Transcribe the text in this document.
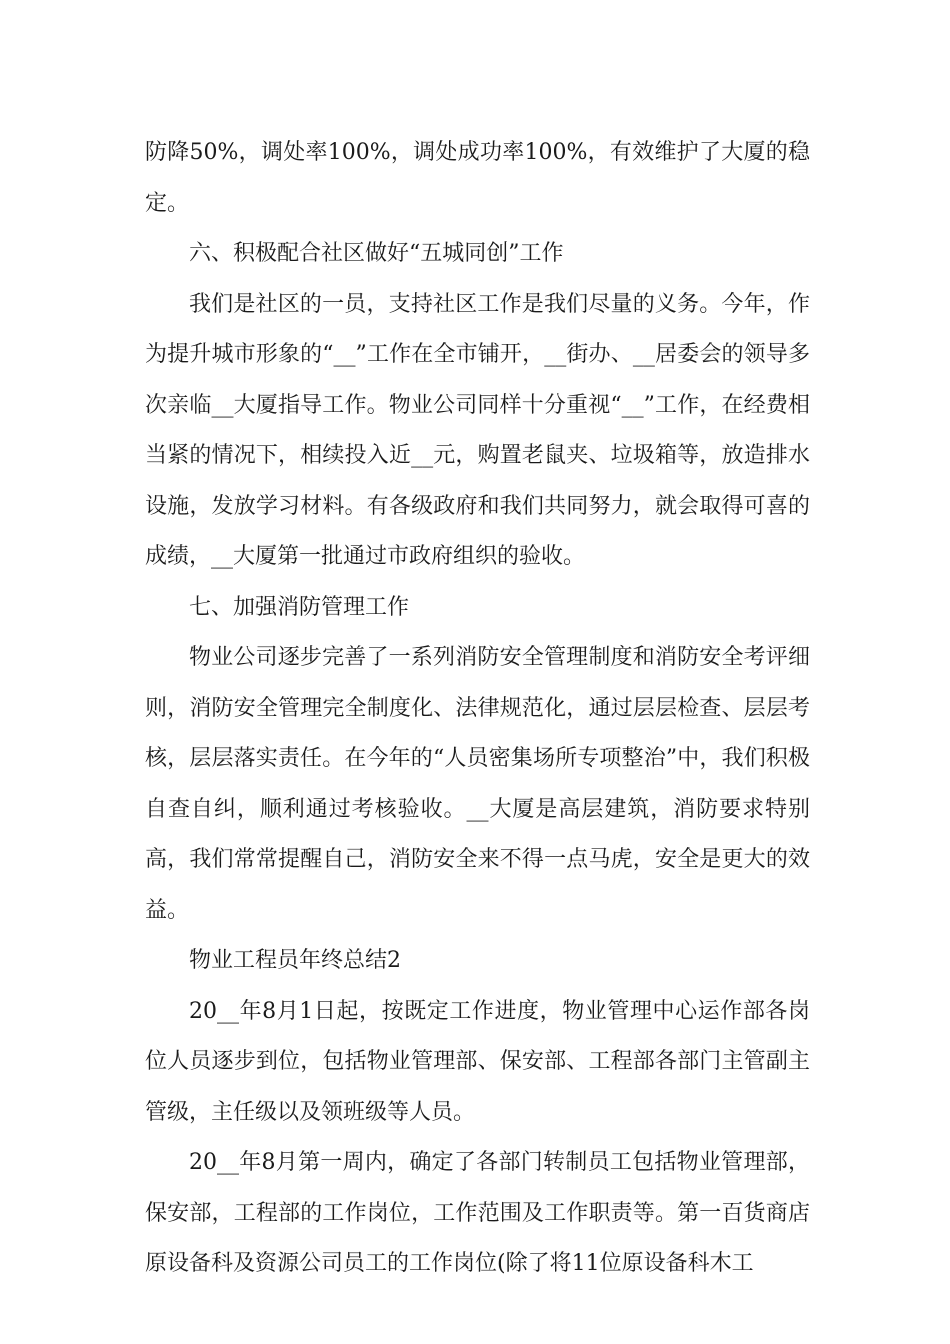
防降50%，调处率100%，调处成功率100%，有效维护了大厦的稳定。

六、积极配合社区做好“五城同创”工作

我们是社区的一员，支持社区工作是我们尽量的义务。今年，作为提升城市形象的“__”工作在全市铺开，__街办、__居委会的领导多次亲临__大厦指导工作。物业公司同样十分重视“__”工作，在经费相当紧的情况下，相续投入近__元，购置老鼠夹、垃圾箱等，放造排水设施，发放学习材料。有各级政府和我们共同努力，就会取得可喜的成绩，__大厦第一批通过市政府组织的验收。

七、加强消防管理工作

物业公司逐步完善了一系列消防安全管理制度和消防安全考评细则，消防安全管理完全制度化、法律规范化，通过层层检查、层层考核，层层落实责任。在今年的“人员密集场所专项整治”中，我们积极自查自纠，顺利通过考核验收。__大厦是高层建筑，消防要求特别高，我们常常提醒自己，消防安全来不得一点马虎，安全是更大的效益。

物业工程员年终总结2

20__年8月1日起，按既定工作进度，物业管理中心运作部各岗位人员逐步到位，包括物业管理部、保安部、工程部各部门主管副主管级，主任级以及领班级等人员。

20__年8月第一周内，确定了各部门转制员工包括物业管理部，保安部，工程部的工作岗位，工作范围及工作职责等。第一百货商店原设备科及资源公司员工的工作岗位(除了将11位原设备科木工
